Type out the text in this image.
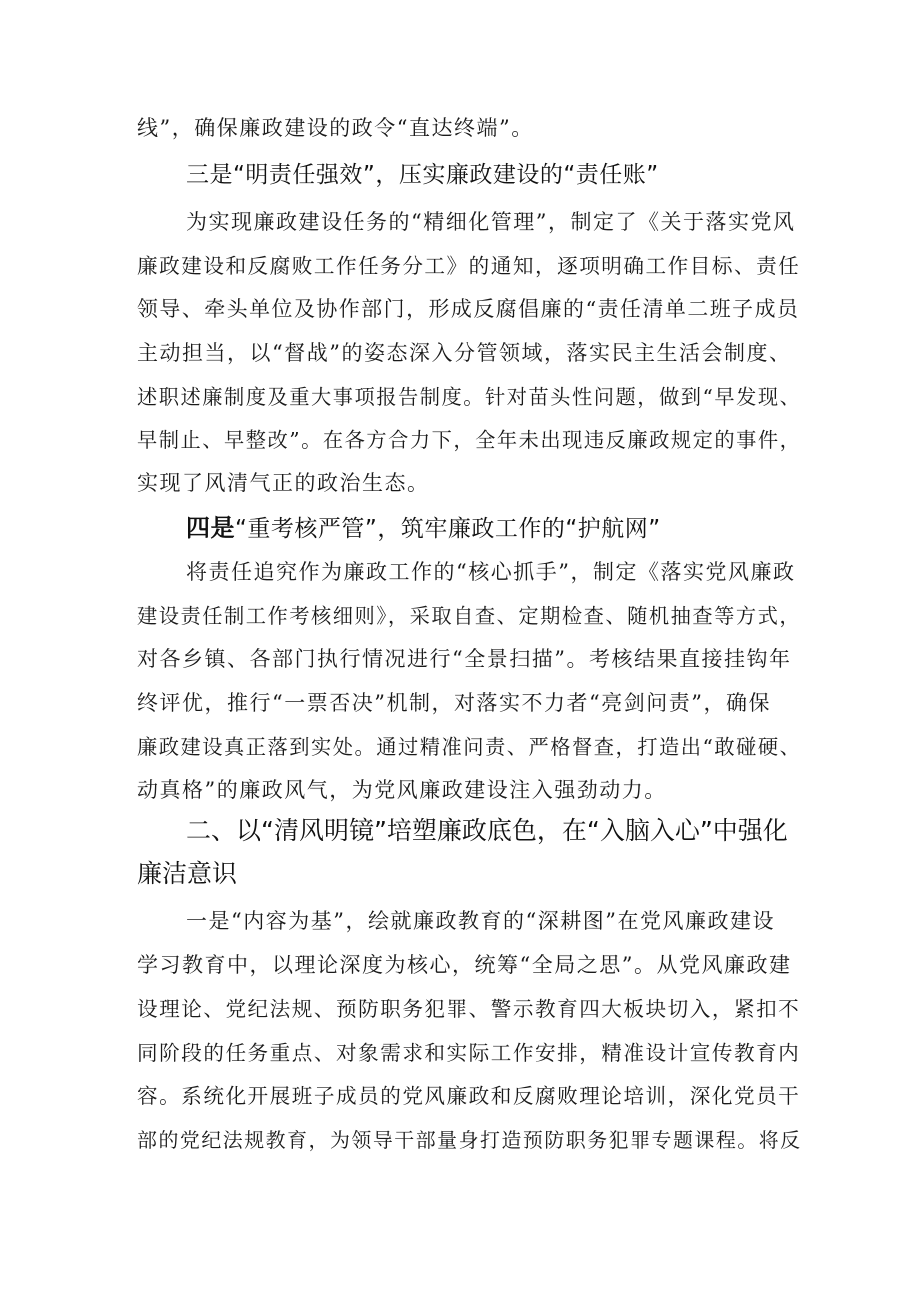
线”，确保廉政建设的政令“直达终端”。
三是“明责任强效”，压实廉政建设的“责任账”
为实现廉政建设任务的“精细化管理”，制定了《关于落实党风
廉政建设和反腐败工作任务分工》的通知，逐项明确工作目标、责任
领导、牵头单位及协作部门，形成反腐倡廉的“责任清单二班子成员
主动担当，以“督战”的姿态深入分管领域，落实民主生活会制度、
述职述廉制度及重大事项报告制度。针对苗头性问题，做到“早发现、
早制止、早整改”。在各方合力下，全年未出现违反廉政规定的事件，
实现了风清气正的政治生态。
四是“重考核严管”，筑牢廉政工作的“护航网”
将责任追究作为廉政工作的“核心抓手”，制定《落实党风廉政
建设责任制工作考核细则》，采取自查、定期检查、随机抽查等方式，
对各乡镇、各部门执行情况进行“全景扫描”。考核结果直接挂钩年
终评优，推行“一票否决”机制，对落实不力者“亮剑问责”，确保
廉政建设真正落到实处。通过精准问责、严格督查，打造出“敢碰硬、
动真格”的廉政风气，为党风廉政建设注入强劲动力。
二、以“清风明镜”培塑廉政底色，在“入脑入心”中强化
廉洁意识
一是“内容为基”，绘就廉政教育的“深耕图”在党风廉政建设
学习教育中，以理论深度为核心，统筹“全局之思”。从党风廉政建
设理论、党纪法规、预防职务犯罪、警示教育四大板块切入，紧扣不
同阶段的任务重点、对象需求和实际工作安排，精准设计宣传教育内
容。系统化开展班子成员的党风廉政和反腐败理论培训，深化党员干
部的党纪法规教育，为领导干部量身打造预防职务犯罪专题课程。将反
